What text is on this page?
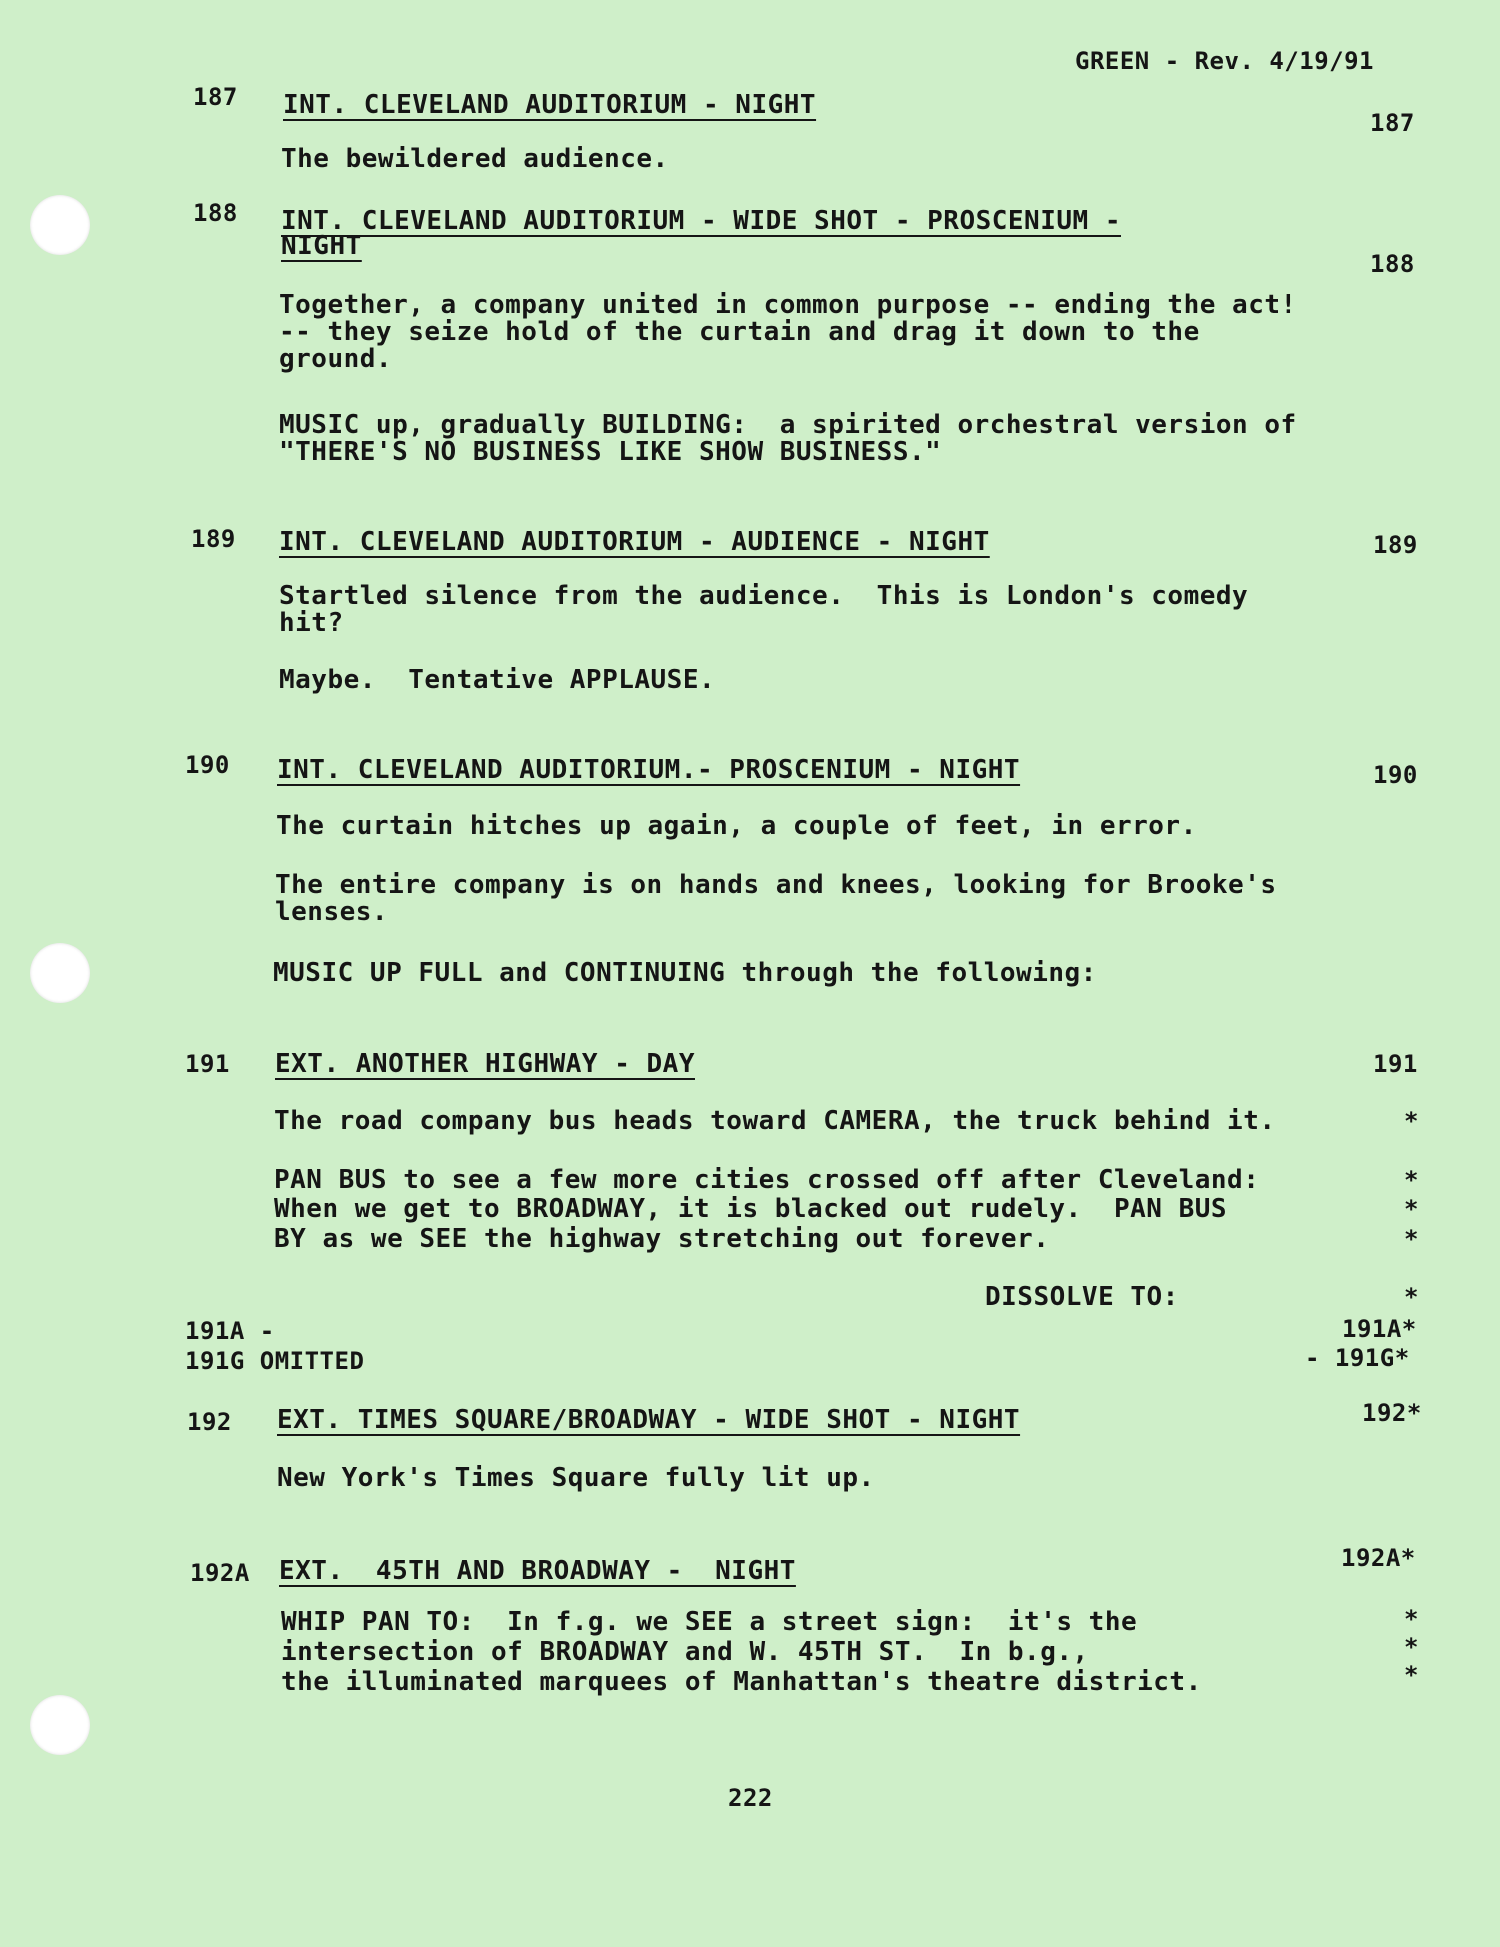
GREEN - Rev. 4/19/91
187 INT. CLEVELAND AUDITORIUM - NIGHT
187
The bewildered audience.
188 INT. CLEVELAND AUDITORIUM - WIDE SHOT - PROSCENIUM -
NIGHT
188
Together, a company united in common purpose -- ending the act!
-- they seize hold of the curtain and drag it down to the
ground.
MUSIC up, gradually BUILDING:  a spirited orchestral version of
"THERE'S NO BUSINESS LIKE SHOW BUSINESS."
189 INT. CLEVELAND AUDITORIUM - AUDIENCE - NIGHT	189
Startled silence from the audience.  This is London's comedy
hit?
Maybe.  Tentative APPLAUSE.
190 INT. CLEVELAND AUDITORIUM.- PROSCENIUM - NIGHT	190
The curtain hitches up again, a couple of feet, in error.
The entire company is on hands and knees, looking for Brooke's
lenses.
MUSIC UP FULL and CONTINUING through the following:
191 EXT. ANOTHER HIGHWAY - DAY	191
The road company bus heads toward CAMERA, the truck behind it.	*
PAN BUS to see a few more cities crossed off after Cleveland:
When we get to BROADWAY, it is blacked out rudely.  PAN BUS
BY as we SEE the highway stretching out forever.
*
*
*
DISSOLVE TO:	*
191A -
191G OMITTED
191A*
- 191G*
192 EXT. TIMES SQUARE/BROADWAY - WIDE SHOT - NIGHT	192*
New York's Times Square fully lit up.
192A EXT.  45TH AND BROADWAY -  NIGHT	192A*
WHIP PAN TO:  In f.g. we SEE a street sign:  it's the
intersection of BROADWAY and W. 45TH ST.  In b.g.,
the illuminated marquees of Manhattan's theatre district.
*
*
*
222
